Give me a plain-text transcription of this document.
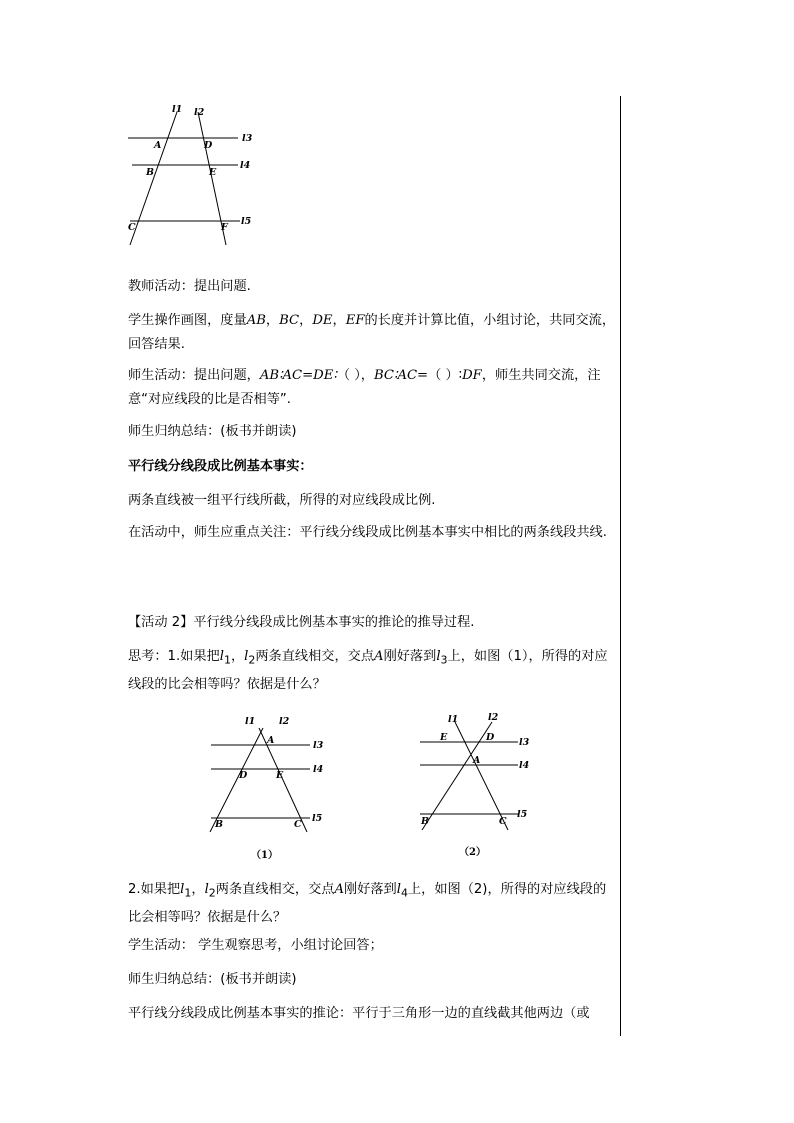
l1 l2
l3
l4
l5
A	D
B	E
C	F

教师活动：提出问题.

学生操作画图，度量AB，BC，DE，EF的长度并计算比值，小组讨论，共同交流，回答结果.

师生活动：提出问题，AB∶AC=DE∶（ ），BC∶AC=（ ）∶DF，师生共同交流，注意“对应线段的比是否相等”.

师生归纳总结：(板书并朗读)

平行线分线段成比例基本事实：

两条直线被一组平行线所截，所得的对应线段成比例.

在活动中，师生应重点关注：平行线分线段成比例基本事实中相比的两条线段共线.

【活动 2】平行线分线段成比例基本事实的推论的推导过程.

思考：1.如果把$l_1$，$l_2$两条直线相交，交点A刚好落到$l_3$上，如图（1），所得的对应线段的比会相等吗？依据是什么？

l1	l2
l3
l4
l5
A
D	E
B	C
（1）
l1	l2
l3
l4
l5
E	D
A
B	C
（2）

2.如果把$l_1$，$l_2$两条直线相交，交点A刚好落到$l_4$上，如图（2)，所得的对应线段的比会相等吗？依据是什么？

学生活动： 学生观察思考，小组讨论回答；

师生归纳总结：(板书并朗读)

平行线分线段成比例基本事实的推论：平行于三角形一边的直线截其他两边（或
